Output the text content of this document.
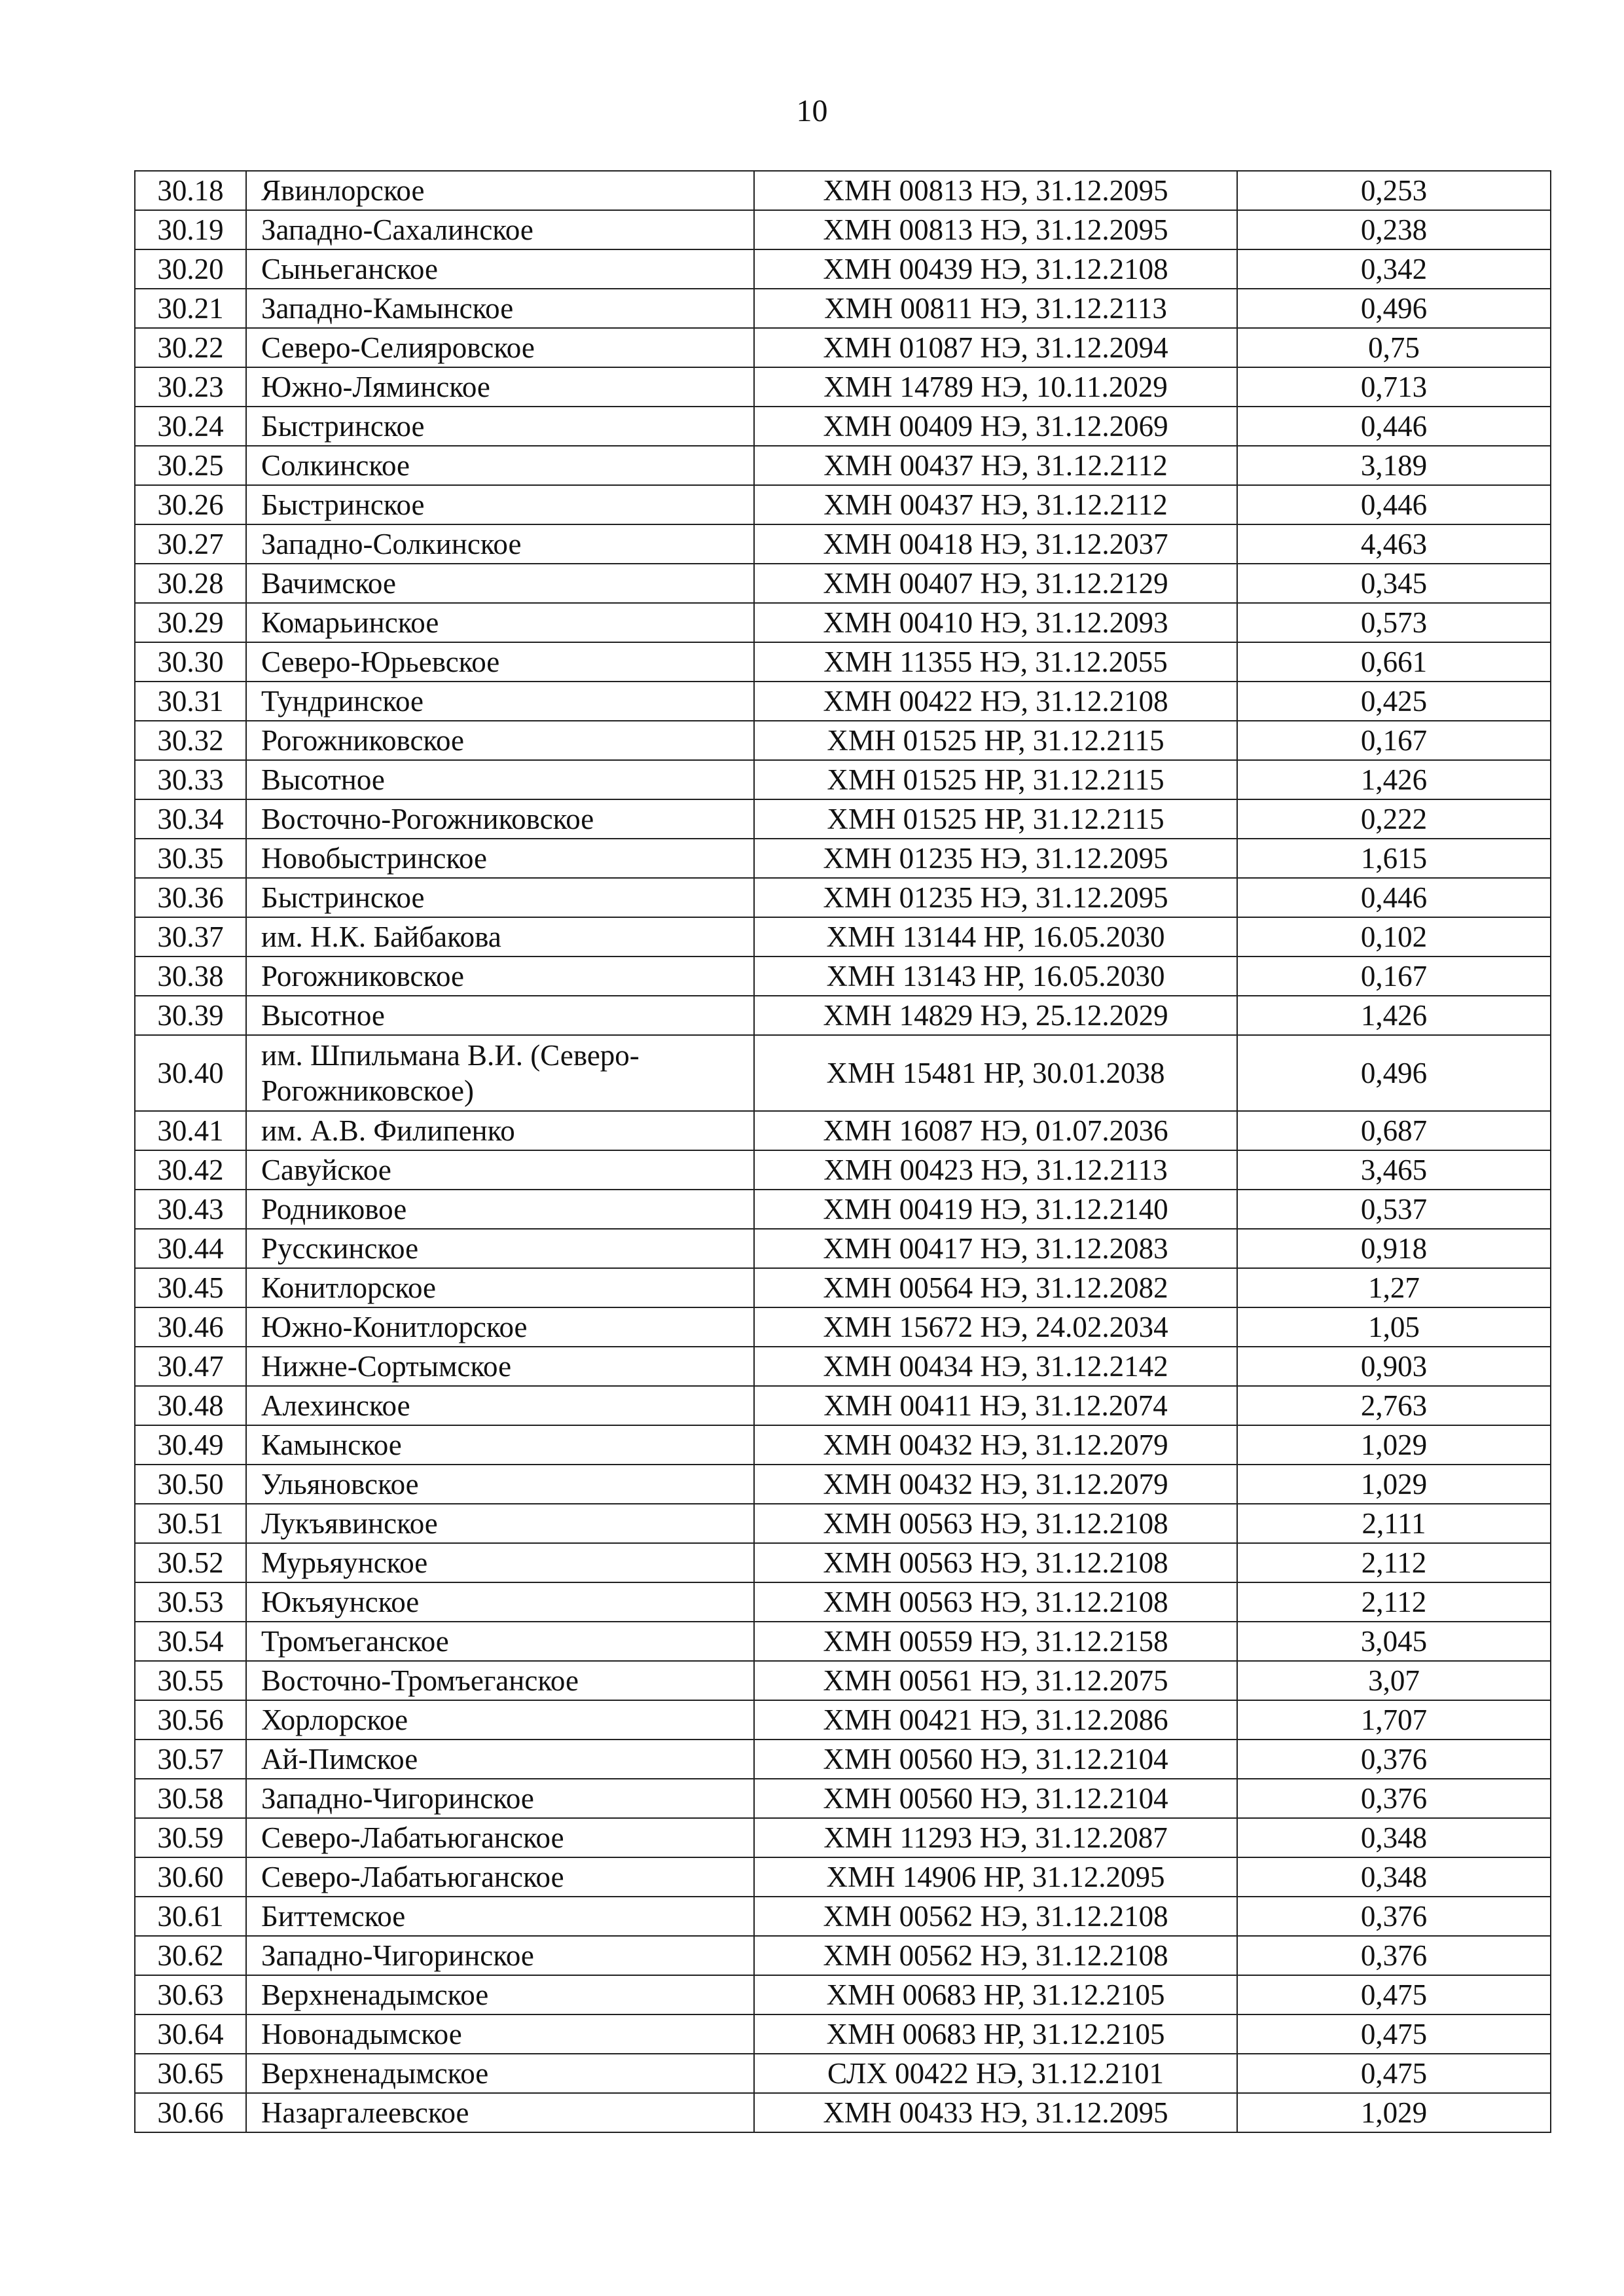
10
30.18	Явинлорское	ХМН 00813 НЭ, 31.12.2095	0,253
30.19	Западно-Сахалинское	ХМН 00813 НЭ, 31.12.2095	0,238
30.20	Сыньеганское	ХМН 00439 НЭ, 31.12.2108	0,342
30.21	Западно-Камынское	ХМН 00811 НЭ, 31.12.2113	0,496
30.22	Северо-Селияровское	ХМН 01087 НЭ, 31.12.2094	0,75
30.23	Южно-Ляминское	ХМН 14789 НЭ, 10.11.2029	0,713
30.24	Быстринское	ХМН 00409 НЭ, 31.12.2069	0,446
30.25	Солкинское	ХМН 00437 НЭ, 31.12.2112	3,189
30.26	Быстринское	ХМН 00437 НЭ, 31.12.2112	0,446
30.27	Западно-Солкинское	ХМН 00418 НЭ, 31.12.2037	4,463
30.28	Вачимское	ХМН 00407 НЭ, 31.12.2129	0,345
30.29	Комарьинское	ХМН 00410 НЭ, 31.12.2093	0,573
30.30	Северо-Юрьевское	ХМН 11355 НЭ, 31.12.2055	0,661
30.31	Тундринское	ХМН 00422 НЭ, 31.12.2108	0,425
30.32	Рогожниковское	ХМН 01525 НР, 31.12.2115	0,167
30.33	Высотное	ХМН 01525 НР, 31.12.2115	1,426
30.34	Восточно-Рогожниковское	ХМН 01525 НР, 31.12.2115	0,222
30.35	Новобыстринское	ХМН 01235 НЭ, 31.12.2095	1,615
30.36	Быстринское	ХМН 01235 НЭ, 31.12.2095	0,446
30.37	им. Н.К. Байбакова	ХМН 13144 НР, 16.05.2030	0,102
30.38	Рогожниковское	ХМН 13143 НР, 16.05.2030	0,167
30.39	Высотное	ХМН 14829 НЭ, 25.12.2029	1,426
30.40	им. Шпильмана В.И. (Северо-Рогожниковское)	ХМН 15481 НР, 30.01.2038	0,496
30.41	им. А.В. Филипенко	ХМН 16087 НЭ, 01.07.2036	0,687
30.42	Савуйское	ХМН 00423 НЭ, 31.12.2113	3,465
30.43	Родниковое	ХМН 00419 НЭ, 31.12.2140	0,537
30.44	Русскинское	ХМН 00417 НЭ, 31.12.2083	0,918
30.45	Конитлорское	ХМН 00564 НЭ, 31.12.2082	1,27
30.46	Южно-Конитлорское	ХМН 15672 НЭ, 24.02.2034	1,05
30.47	Нижне-Сортымское	ХМН 00434 НЭ, 31.12.2142	0,903
30.48	Алехинское	ХМН 00411 НЭ, 31.12.2074	2,763
30.49	Камынское	ХМН 00432 НЭ, 31.12.2079	1,029
30.50	Ульяновское	ХМН 00432 НЭ, 31.12.2079	1,029
30.51	Лукъявинское	ХМН 00563 НЭ, 31.12.2108	2,111
30.52	Мурьяунское	ХМН 00563 НЭ, 31.12.2108	2,112
30.53	Юкъяунское	ХМН 00563 НЭ, 31.12.2108	2,112
30.54	Тромъеганское	ХМН 00559 НЭ, 31.12.2158	3,045
30.55	Восточно-Тромъеганское	ХМН 00561 НЭ, 31.12.2075	3,07
30.56	Хорлорское	ХМН 00421 НЭ, 31.12.2086	1,707
30.57	Ай-Пимское	ХМН 00560 НЭ, 31.12.2104	0,376
30.58	Западно-Чигоринское	ХМН 00560 НЭ, 31.12.2104	0,376
30.59	Северо-Лабатьюганское	ХМН 11293 НЭ, 31.12.2087	0,348
30.60	Северо-Лабатьюганское	ХМН 14906 НР, 31.12.2095	0,348
30.61	Биттемское	ХМН 00562 НЭ, 31.12.2108	0,376
30.62	Западно-Чигоринское	ХМН 00562 НЭ, 31.12.2108	0,376
30.63	Верхненадымское	ХМН 00683 НР, 31.12.2105	0,475
30.64	Новонадымское	ХМН 00683 НР, 31.12.2105	0,475
30.65	Верхненадымское	СЛХ 00422 НЭ, 31.12.2101	0,475
30.66	Назаргалеевское	ХМН 00433 НЭ, 31.12.2095	1,029
